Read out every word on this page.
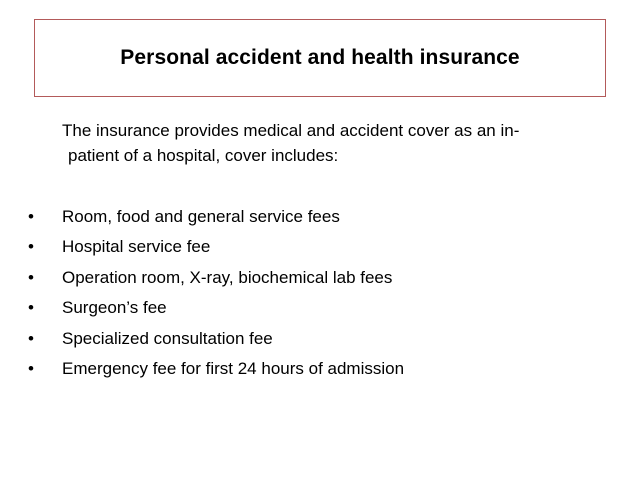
Personal accident and health insurance
The insurance provides medical and accident cover as an in-
patient of a hospital, cover includes:
• Room, food and general service fees
• Hospital service fee
• Operation room, X-ray, biochemical lab fees
• Surgeon’s fee
• Specialized consultation fee
• Emergency fee for first 24 hours of admission
